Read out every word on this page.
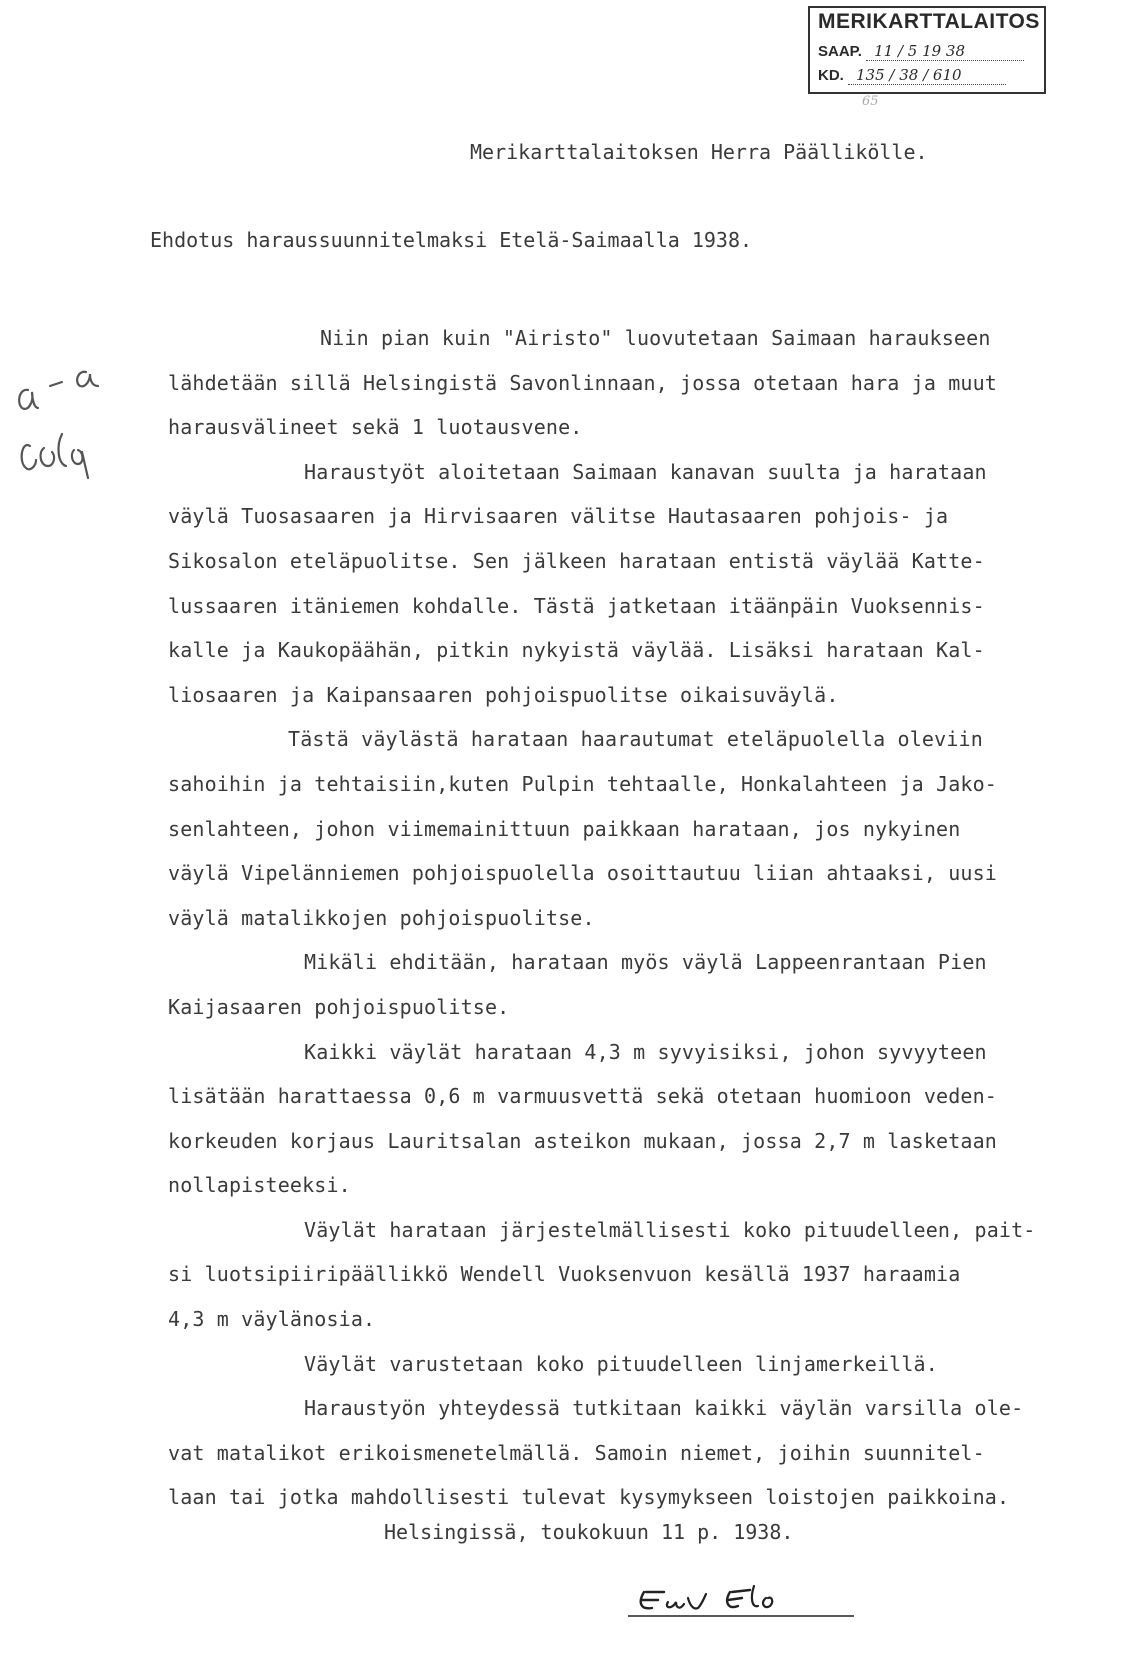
MERIKARTTALAITOS
SAAP. 11 / 5 19 38
KD. 135 / 38 / 610
65
Merikarttalaitoksen Herra Päällikölle.
Ehdotus haraussuunnitelmaksi Etelä-Saimaalla 1938.
Niin pian kuin "Airisto" luovutetaan Saimaan haraukseen
lähdetään sillä Helsingistä Savonlinnaan, jossa otetaan hara ja muut
harausvälineet sekä 1 luotausvene.
Haraustyöt aloitetaan Saimaan kanavan suulta ja harataan
väylä Tuosasaaren ja Hirvisaaren välitse Hautasaaren pohjois- ja
Sikosalon eteläpuolitse. Sen jälkeen harataan entistä väylää Katte-
lussaaren itäniemen kohdalle. Tästä jatketaan itäänpäin Vuoksennis-
kalle ja Kaukopäähän, pitkin nykyistä väylää. Lisäksi harataan Kal-
liosaaren ja Kaipansaaren pohjoispuolitse oikaisuväylä.
Tästä väylästä harataan haarautumat eteläpuolella oleviin
sahoihin ja tehtaisiin,kuten Pulpin tehtaalle, Honkalahteen ja Jako-
senlahteen, johon viimemainittuun paikkaan harataan, jos nykyinen
väylä Vipelänniemen pohjoispuolella osoittautuu liian ahtaaksi, uusi
väylä matalikkojen pohjoispuolitse.
Mikäli ehditään, harataan myös väylä Lappeenrantaan Pien
Kaijasaaren pohjoispuolitse.
Kaikki väylät harataan 4,3 m syvyisiksi, johon syvyyteen
lisätään harattaessa 0,6 m varmuusvettä sekä otetaan huomioon veden-
korkeuden korjaus Lauritsalan asteikon mukaan, jossa 2,7 m lasketaan
nollapisteeksi.
Väylät harataan järjestelmällisesti koko pituudelleen, pait-
si luotsipiiripäällikkö Wendell Vuoksenvuon kesällä 1937 haraamia
4,3 m väylänosia.
Väylät varustetaan koko pituudelleen linjamerkeillä.
Haraustyön yhteydessä tutkitaan kaikki väylän varsilla ole-
vat matalikot erikoismenetelmällä. Samoin niemet, joihin suunnitel-
laan tai jotka mahdollisesti tulevat kysymykseen loistojen paikkoina.
Helsingissä, toukokuun 11 p. 1938.
